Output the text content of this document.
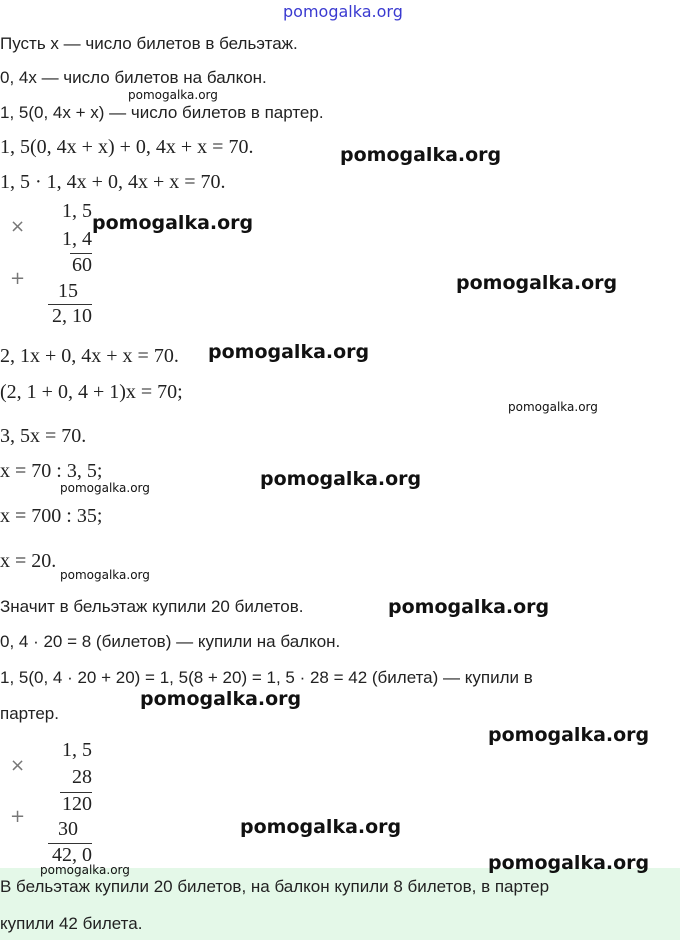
pomogalka.org
Пусть x — число билетов в бельэтаж.
0, 4x — число билетов на балкон.
1, 5(0, 4x + x) — число билетов в партер.
1, 5(0, 4x + x) + 0, 4x + x = 70.
1, 5 · 1, 4x + 0, 4x + x = 70.
×
1, 5
1, 4
60
+
15
2, 10
2, 1x + 0, 4x + x = 70.
(2, 1 + 0, 4 + 1)x = 70;
3, 5x = 70.
x = 70 : 3, 5;
x = 700 : 35;
x = 20.
Значит в бельэтаж купили 20 билетов.
0, 4 · 20 = 8 (билетов) — купили на балкон.
1, 5(0, 4 · 20 + 20) = 1, 5(8 + 20) = 1, 5 · 28 = 42 (билета) — купили в
партер.
×
1, 5
28
120
+
30
42, 0
В бельэтаж купили 20 билетов, на балкон купили 8 билетов, в партер
купили 42 билета.
pomogalka.org
pomogalka.org
pomogalka.org
pomogalka.org
pomogalka.org
pomogalka.org
pomogalka.org
pomogalka.org
pomogalka.org
pomogalka.org
pomogalka.org
pomogalka.org
pomogalka.org
pomogalka.org
pomogalka.org
